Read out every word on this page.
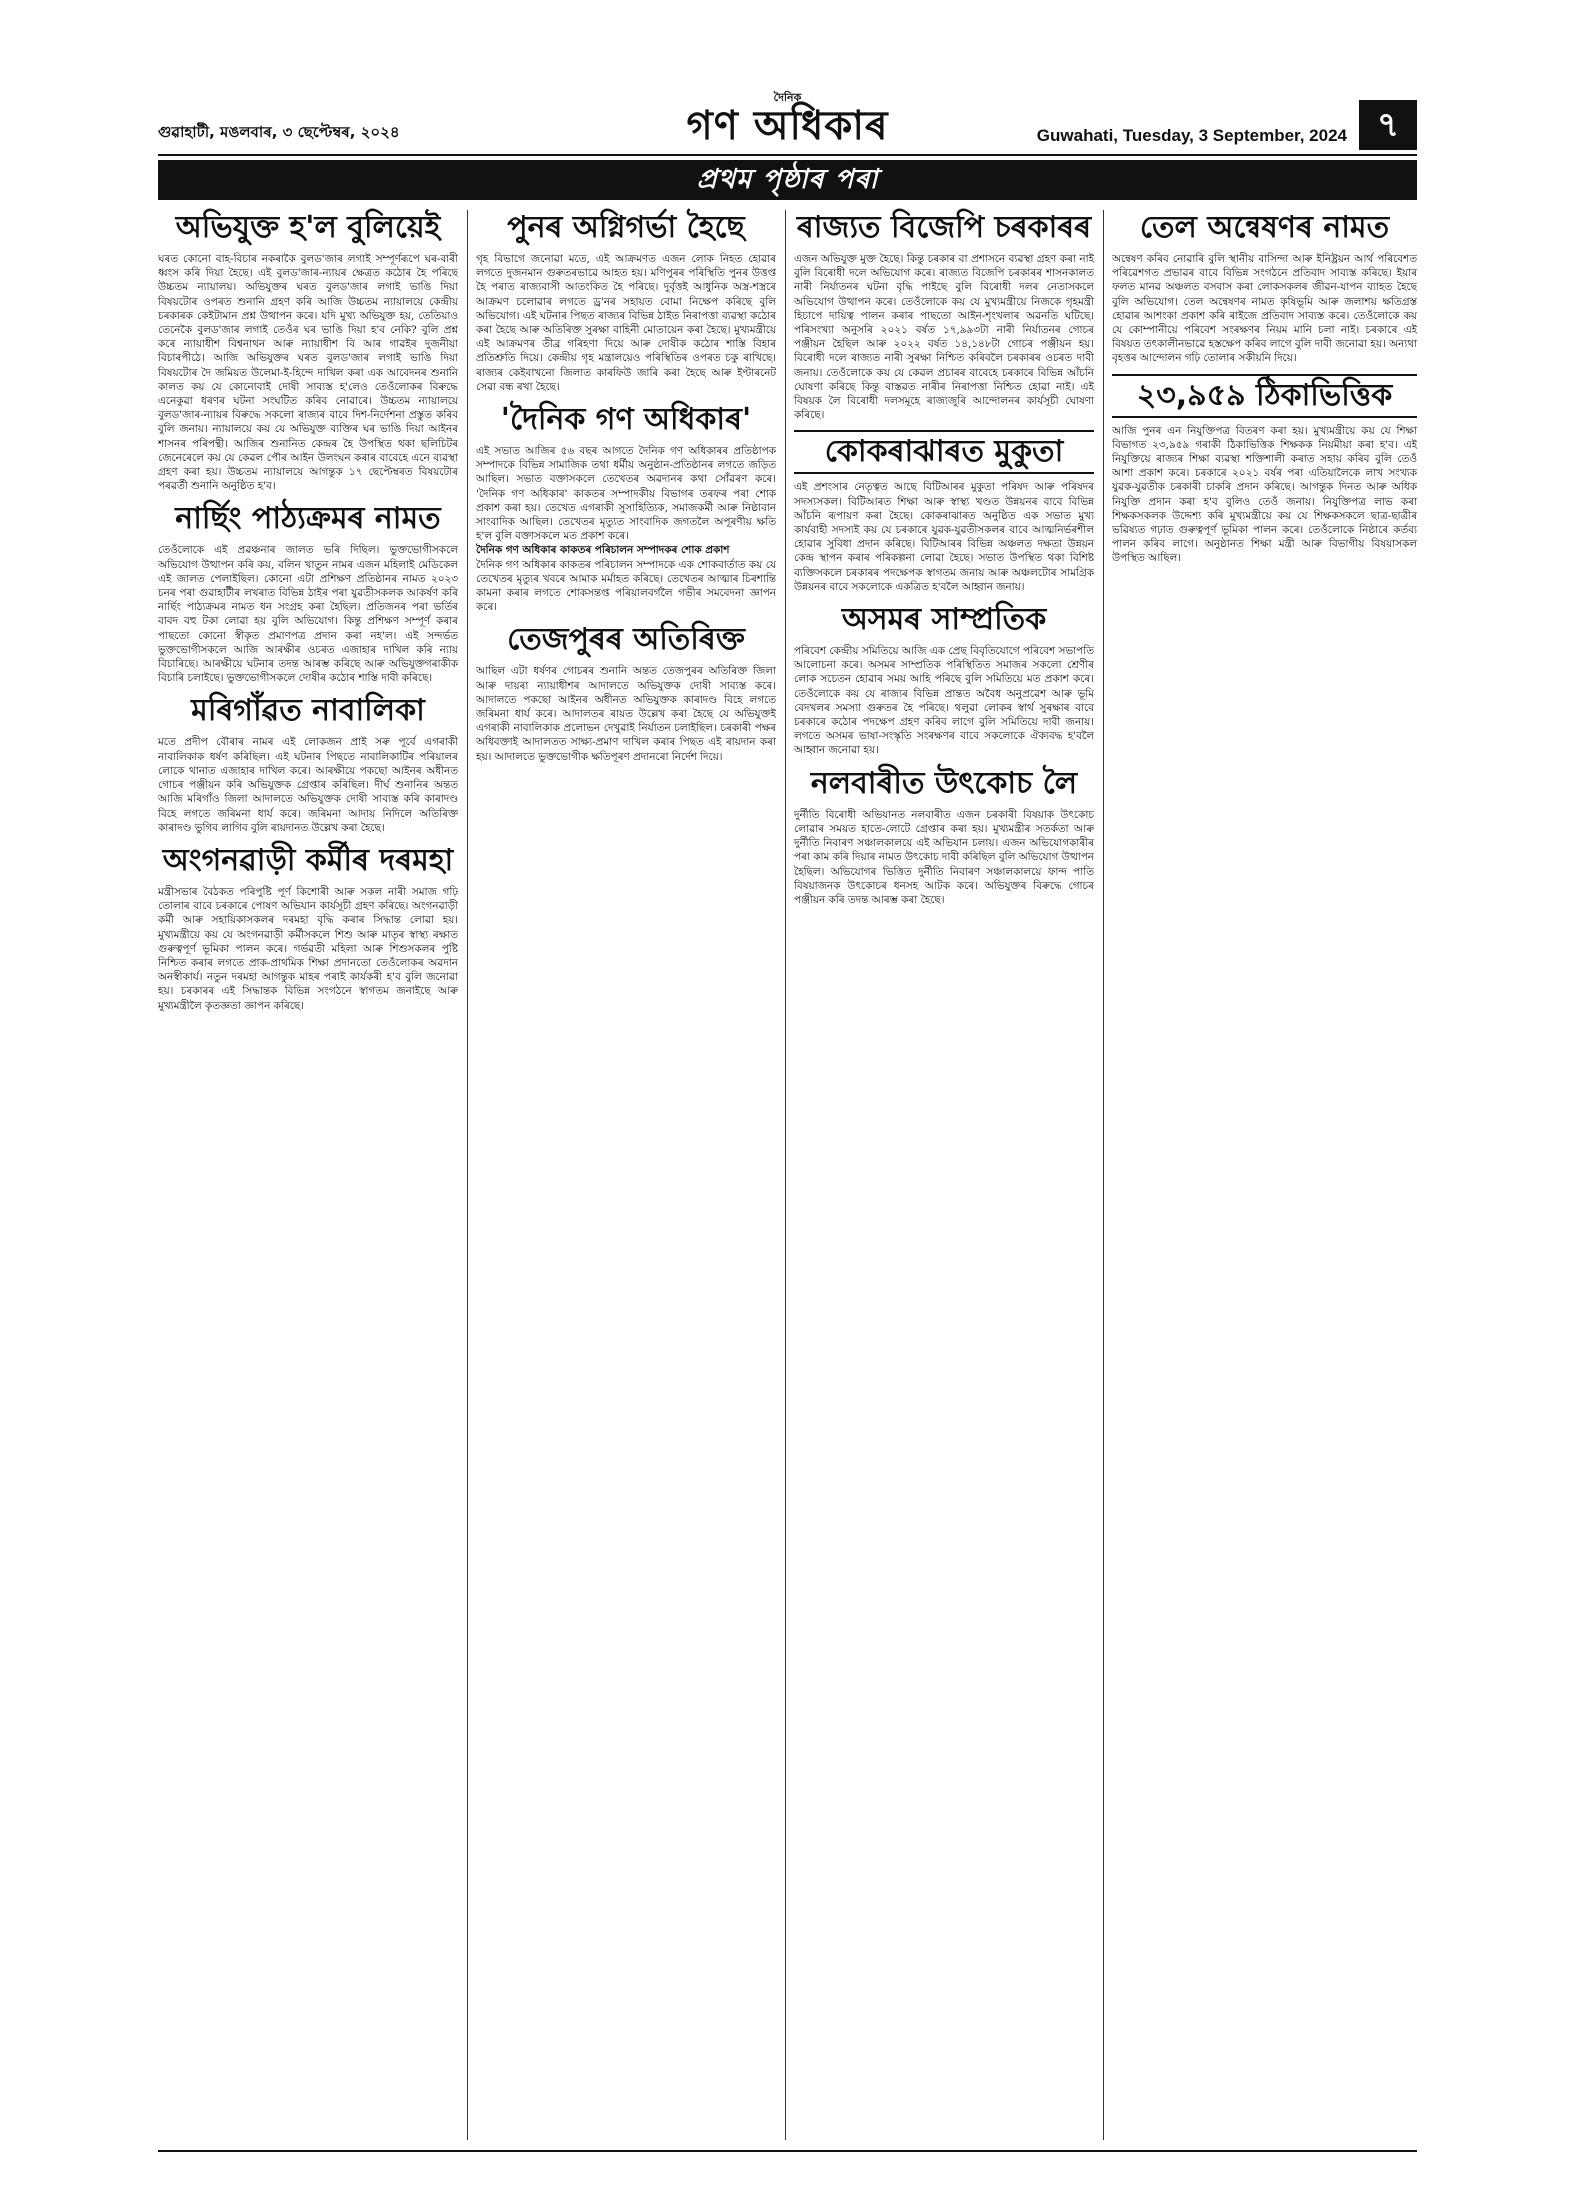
গুৱাহাটী, মঙলবাৰ, ৩ ছেপ্টেম্বৰ, ২০২৪
দৈনিক
গণ অধিকাৰ	Guwahati, Tuesday, 3 September, 2024 ৭
প্ৰথম পৃষ্ঠাৰ পৰা
অভিযুক্ত হ'ল বুলিয়েই

ঘৰত কোনো বাহ-বিচাৰ নকৰাকৈ বুলড'জাৰ লগাই সম্পূৰ্ণৰূপে ঘৰ-বাৰী ধ্বংস কৰি দিয়া হৈছে। এই বুলড'জাৰ-ন্যায়ৰ ক্ষেত্ৰত কঠোৰ হৈ পৰিছে উচ্চতম ন্যায়ালয়। অভিযুক্তৰ ঘৰত বুলড'জাৰ লগাই ভাঙি দিয়া বিষয়টোৰ ওপৰত শুনানি গ্ৰহণ কৰি আজি উচ্চতম ন্যায়ালয়ে কেন্দ্ৰীয় চৰকাৰক কেইটামান প্ৰশ্ন উত্থাপন কৰে। যদি মুখ্য অভিযুক্ত হয়, তেতিয়াও তেনেকৈ বুলড'জাৰ লগাই তেওঁৰ ঘৰ ভাঙি দিয়া হ'ব নেকি? বুলি প্ৰশ্ন কৰে ন্যায়াধীশ বিশ্বনাথন আৰু ন্যায়াধীশ বি আৰ গাৱইৰ দুজনীয়া বিচাৰপীঠে। আজি অভিযুক্তৰ ঘৰত বুলড'জাৰ লগাই ভাঙি দিয়া বিষয়টোৰ দৈ জমিয়ত উলেমা-ই-হিন্দে দাখিল কৰা এক আবেদনৰ শুনানি কালত কয় যে কোনোবাই দোষী সাব্যস্ত হ'লেও তেওঁলোকৰ বিৰুদ্ধে এনেকুৱা ধৰণৰ ঘটনা সংঘটিত কৰিব নোৱাৰে। উচ্চতম ন্যায়ালয়ে বুলড'জাৰ-ন্যায়ৰ বিৰুদ্ধে সকলো ৰাজ্যৰ বাবে দিশ-নিৰ্দেশনা প্ৰস্তুত কৰিব বুলি জনায়। ন্যায়ালয়ে কয় যে অভিযুক্ত ব্যক্তিৰ ঘৰ ভাঙি দিয়া আইনৰ শাসনৰ পৰিপন্থী। আজিৰ শুনানিত কেন্দ্ৰৰ হৈ উপস্থিত থকা ছলিচিটৰ জেনেৰেলে কয় যে কেৱল পৌৰ আইন উলংঘন কৰাৰ বাবেহে এনে ব্যৱস্থা গ্ৰহণ কৰা হয়। উচ্চতম ন্যায়ালয়ে আগন্তুক ১৭ ছেপ্টেম্বৰত বিষয়টোৰ পৰৱৰ্তী শুনানি অনুষ্ঠিত হ'ব।

নাৰ্ছিং পাঠ্যক্ৰমৰ নামত

তেওঁলোকে এই প্ৰৱঞ্চনাৰ জালত ভৰি দিছিল। ভুক্তভোগীসকলে অভিযোগ উত্থাপন কৰি কয়, বলিন খাতুন নামৰ এজন মহিলাই মেডিকেল এই জালত পেলাইছিল। কোনো এটা প্ৰশিক্ষণ প্ৰতিষ্ঠানৰ নামত ২০২৩ চনৰ পৰা গুৱাহাটীৰ লখৰাত বিভিন্ন ঠাইৰ পৰা যুৱতীসকলক আকৰ্ষণ কৰি নাৰ্ছিং পাঠ্যক্ৰমৰ নামত ধন সংগ্ৰহ কৰা হৈছিল। প্ৰতিজনৰ পৰা ভৰ্তিৰ বাবদ বহু টকা লোৱা হয় বুলি অভিযোগ। কিন্তু প্ৰশিক্ষণ সম্পূৰ্ণ কৰাৰ পাছতো কোনো স্বীকৃত প্ৰমাণপত্ৰ প্ৰদান কৰা নহ'ল। এই সন্দৰ্ভত ভুক্তভোগীসকলে আজি আৰক্ষীৰ ওচৰত এজাহাৰ দাখিল কৰি ন্যায় বিচাৰিছে। আৰক্ষীয়ে ঘটনাৰ তদন্ত আৰম্ভ কৰিছে আৰু অভিযুক্তগৰাকীক বিচাৰি চলাইছে। ভুক্তভোগীসকলে দোষীৰ কঠোৰ শাস্তি দাবী কৰিছে।

মৰিগাঁৱত নাবালিকা

মতে প্ৰদীপ বৌৰাৰ নামৰ এই লোকজন প্ৰাই সৰু পূৰ্বে এগৰাকী নাবালিকাক ধৰ্ষণ কৰিছিল। এই ঘটনাৰ পিছতে নাবালিকাটিৰ পৰিয়ালৰ লোকে থানাত এজাহাৰ দাখিল কৰে। আৰক্ষীয়ে পকছো আইনৰ অধীনত গোচৰ পঞ্জীয়ন কৰি অভিযুক্তক গ্ৰেপ্তাৰ কৰিছিল। দীৰ্ঘ শুনানিৰ অন্তত আজি মৰিগাঁও জিলা আদালতে অভিযুক্তক দোষী সাব্যস্ত কৰি কাৰাদণ্ড বিহে লগতে জৰিমনা ধাৰ্য কৰে। জৰিমনা আদায় নিদিলে অতিৰিক্ত কাৰাদণ্ড ভুগিব লাগিব বুলি ৰায়দানত উল্লেখ কৰা হৈছে।

অংগনৱাড়ী কৰ্মীৰ দৰমহা

মন্ত্ৰীসভাৰ বৈঠকত পৰিপুষ্টি পূৰ্ণ কিশোৰী আৰু সকল নাৰী সমাজ গঢ়ি তোলাৰ বাবে চৰকাৰে পোষণ অভিযান কাৰ্যসূচী গ্ৰহণ কৰিছে। অংগনৱাড়ী কৰ্মী আৰু সহায়িকাসকলৰ দৰমহা বৃদ্ধি কৰাৰ সিদ্ধান্ত লোৱা হয়। মুখ্যমন্ত্ৰীয়ে কয় যে অংগনৱাড়ী কৰ্মীসকলে শিশু আৰু মাতৃৰ স্বাস্থ্য ৰক্ষাত গুৰুত্বপূৰ্ণ ভূমিকা পালন কৰে। গৰ্ভৱতী মহিলা আৰু শিশুসকলৰ পুষ্টি নিশ্চিত কৰাৰ লগতে প্ৰাক-প্ৰাথমিক শিক্ষা প্ৰদানতো তেওঁলোকৰ অৱদান অনস্বীকাৰ্য। নতুন দৰমহা আগন্তুক মাহৰ পৰাই কাৰ্যকৰী হ'ব বুলি জনোৱা হয়। চৰকাৰৰ এই সিদ্ধান্তক বিভিন্ন সংগঠনে স্বাগতম জনাইছে আৰু মুখ্যমন্ত্ৰীলৈ কৃতজ্ঞতা জ্ঞাপন কৰিছে।

পুনৰ অগ্নিগৰ্ভা হৈছে

গৃহ বিভাগে জনোৱা মতে, এই আক্ৰমণত এজন লোক নিহত হোৱাৰ লগতে দুজনমান গুৰুতৰভাৱে আহত হয়। মণিপুৰৰ পৰিস্থিতি পুনৰ উত্তপ্ত হৈ পৰাত ৰাজ্যবাসী আতংকিত হৈ পৰিছে। দুৰ্বৃত্তই আধুনিক অস্ত্ৰ-শস্ত্ৰৰে আক্ৰমণ চলোৱাৰ লগতে ড্ৰ'নৰ সহায়ত বোমা নিক্ষেপ কৰিছে বুলি অভিযোগ। এই ঘটনাৰ পিছত ৰাজ্যৰ বিভিন্ন ঠাইত নিৰাপত্তা ব্যৱস্থা কঠোৰ কৰা হৈছে আৰু অতিৰিক্ত সুৰক্ষা বাহিনী মোতায়েন কৰা হৈছে। মুখ্যমন্ত্ৰীয়ে এই আক্ৰমণৰ তীব্ৰ গৰিহণা দিয়ে আৰু দোষীক কঠোৰ শাস্তি বিহাৰ প্ৰতিশ্ৰুতি দিয়ে। কেন্দ্ৰীয় গৃহ মন্ত্ৰালয়েও পৰিস্থিতিৰ ওপৰত চকু ৰাখিছে। ৰাজ্যৰ কেইবাখনো জিলাত কাৰফিউ জাৰি কৰা হৈছে আৰু ইণ্টাৰনেট সেৱা বন্ধ ৰখা হৈছে।

'দৈনিক গণ অধিকাৰ'

এই সভাত আজিৰ ৫৬ বছৰ আগতে দৈনিক গণ অধিকাৰৰ প্ৰতিষ্ঠাপক সম্পাদকে বিভিন্ন সামাজিক তথা ধৰ্মীয় অনুষ্ঠান-প্ৰতিষ্ঠানৰ লগতে জড়িত আছিল। সভাত বক্তাসকলে তেখেতৰ অৱদানৰ কথা সোঁৱৰণ কৰে। 'দৈনিক গণ অধিকাৰ' কাকতৰ সম্পাদকীয় বিভাগৰ তৰফৰ পৰা শোক প্ৰকাশ কৰা হয়। তেখেত এগৰাকী সুসাহিত্যিক, সমাজকৰ্মী আৰু নিষ্ঠাবান সাংবাদিক আছিল। তেখেতৰ মৃত্যুত সাংবাদিক জগতলৈ অপূৰণীয় ক্ষতি হ'ল বুলি বক্তাসকলে মত প্ৰকাশ কৰে।

দৈনিক গণ অধিকাৰ কাকতৰ পৰিচালন সম্পাদকৰ শোক প্ৰকাশ

দৈনিক গণ অধিকাৰ কাকতৰ পৰিচালন সম্পাদকে এক শোকবাৰ্তাত কয় যে তেখেতৰ মৃত্যুৰ খবৰে আমাক মৰ্মাহত কৰিছে। তেখেতৰ আত্মাৰ চিৰশান্তি কামনা কৰাৰ লগতে শোকসন্তপ্ত পৰিয়ালবৰ্গলৈ গভীৰ সমবেদনা জ্ঞাপন কৰে।

তেজপুৰৰ অতিৰিক্ত

আছিল এটা ধৰ্ষণৰ গোচৰৰ শুনানি অন্তত তেজপুৰৰ অতিৰিক্ত জিলা আৰু দায়ৰা ন্যায়াধীশৰ আদালতে অভিযুক্তক দোষী সাব্যস্ত কৰে। আদালতে পকছো আইনৰ অধীনত অভিযুক্তক কাৰাদণ্ড বিহে লগতে জৰিমনা ধাৰ্য কৰে। আদালতৰ ৰায়ত উল্লেখ কৰা হৈছে যে অভিযুক্তই এগৰাকী নাবালিকাক প্ৰলোভন দেখুৱাই নিৰ্যাতন চলাইছিল। চৰকাৰী পক্ষৰ অধিবক্তাই আদালতত সাক্ষ্য-প্ৰমাণ দাখিল কৰাৰ পিছত এই ৰায়দান কৰা হয়। আদালতে ভুক্তভোগীক ক্ষতিপূৰণ প্ৰদানৰো নিৰ্দেশ দিয়ে।

ৰাজ্যত বিজেপি চৰকাৰৰ

এজন অভিযুক্ত মুক্ত হৈছে। কিন্তু চৰকাৰ বা প্ৰশাসনে ব্যৱস্থা গ্ৰহণ কৰা নাই বুলি বিৰোধী দলে অভিযোগ কৰে। ৰাজ্যত বিজেপি চৰকাৰৰ শাসনকালত নাৰী নিৰ্যাতনৰ ঘটনা বৃদ্ধি পাইছে বুলি বিৰোধী দলৰ নেতাসকলে অভিযোগ উত্থাপন কৰে। তেওঁলোকে কয় যে মুখ্যমন্ত্ৰীয়ে নিজকে গৃহমন্ত্ৰী হিচাপে দায়িত্ব পালন কৰাৰ পাছতো আইন-শৃংখলাৰ অৱনতি ঘটিছে। পৰিসংখ্যা অনুসৰি ২০২১ বৰ্ষত ১৭,৯৯৩টা নাৰী নিৰ্যাতনৰ গোচৰ পঞ্জীয়ন হৈছিল আৰু ২০২২ বৰ্ষত ১৪,১৪৮টা গোচৰ পঞ্জীয়ন হয়। বিৰোধী দলে ৰাজ্যত নাৰী সুৰক্ষা নিশ্চিত কৰিবলৈ চৰকাৰৰ ওচৰত দাবী জনায়। তেওঁলোকে কয় যে কেৱল প্ৰচাৰৰ বাবেহে চৰকাৰে বিভিন্ন আঁচনি ঘোষণা কৰিছে কিন্তু বাস্তৱত নাৰীৰ নিৰাপত্তা নিশ্চিত হোৱা নাই। এই বিষয়ক লৈ বিৰোধী দলসমূহে ৰাজ্যজুৰি আন্দোলনৰ কাৰ্যসূচী ঘোষণা কৰিছে।

কোকৰাঝাৰত মুকুতা

এই প্ৰশংসাৰ নেতৃত্বত আছে বিটিআৰৰ মুকুতা পৰিষদ আৰু পৰিষদৰ সদস্যসকল। বিটিআৰত শিক্ষা আৰু স্বাস্থ্য খণ্ডত উন্নয়নৰ বাবে বিভিন্ন আঁচনি ৰূপায়ণ কৰা হৈছে। কোকৰাঝাৰত অনুষ্ঠিত এক সভাত মুখ্য কাৰ্যবাহী সদস্যই কয় যে চৰকাৰে যুৱক-যুৱতীসকলৰ বাবে আত্মনিৰ্ভৰশীল হোৱাৰ সুবিধা প্ৰদান কৰিছে। বিটিআৰৰ বিভিন্ন অঞ্চলত দক্ষতা উন্নয়ন কেন্দ্ৰ স্থাপন কৰাৰ পৰিকল্পনা লোৱা হৈছে। সভাত উপস্থিত থকা বিশিষ্ট ব্যক্তিসকলে চৰকাৰৰ পদক্ষেপক স্বাগতম জনায় আৰু অঞ্চলটোৰ সামগ্ৰিক উন্নয়নৰ বাবে সকলোকে একত্ৰিত হ'বলৈ আহ্বান জনায়।

অসমৰ সাম্প্ৰতিক

পৰিবেশ কেন্দ্ৰীয় সমিতিয়ে আজি এক প্ৰেছ বিবৃতিযোগে পৰিবেশ সভাপতি আলোচনা কৰে। অসমৰ সাম্প্ৰতিক পৰিস্থিতিত সমাজৰ সকলো শ্ৰেণীৰ লোক সচেতন হোৱাৰ সময় আহি পৰিছে বুলি সমিতিয়ে মত প্ৰকাশ কৰে। তেওঁলোকে কয় যে ৰাজ্যৰ বিভিন্ন প্ৰান্তত অবৈধ অনুপ্ৰৱেশ আৰু ভূমি বেদখলৰ সমস্যা গুৰুতৰ হৈ পৰিছে। থলুৱা লোকৰ স্বাৰ্থ সুৰক্ষাৰ বাবে চৰকাৰে কঠোৰ পদক্ষেপ গ্ৰহণ কৰিব লাগে বুলি সমিতিয়ে দাবী জনায়। লগতে অসমৰ ভাষা-সংস্কৃতি সংৰক্ষণৰ বাবে সকলোকে ঐক্যবদ্ধ হ'বলৈ আহ্বান জনোৱা হয়।

নলবাৰীত উৎকোচ লৈ

দুৰ্নীতি বিৰোধী অভিযানত নলবাৰীত এজন চৰকাৰী বিষয়াক উৎকোচ লোৱাৰ সময়ত হাতে-লোটে গ্ৰেপ্তাৰ কৰা হয়। মুখ্যমন্ত্ৰীৰ সতৰ্কতা আৰু দুৰ্নীতি নিবাৰণ সঞ্চালকালয়ে এই অভিযান চলায়। এজন অভিযোগকাৰীৰ পৰা কাম কৰি দিয়াৰ নামত উৎকোচ দাবী কৰিছিল বুলি অভিযোগ উত্থাপন হৈছিল। অভিযোগৰ ভিত্তিত দুৰ্নীতি নিবাৰণ সঞ্চালকালয়ে ফান্দ পাতি বিষয়াজনক উৎকোচৰ ধনসহ আটক কৰে। অভিযুক্তৰ বিৰুদ্ধে গোচৰ পঞ্জীয়ন কৰি তদন্ত আৰম্ভ কৰা হৈছে।

তেল অন্বেষণৰ নামত

অন্বেষণ কৰিব নোৱাৰি বুলি স্থানীয় বাসিন্দা আৰু ইনিষ্ট্ৰয়ন আৰ্থ পৰিবেশত পৰিৱেশগত প্ৰভাৱৰ বাবে বিভিন্ন সংগঠনে প্ৰতিবাদ সাব্যস্ত কৰিছে। ইয়াৰ ফলত মানৱ অঞ্চলত বসবাস কৰা লোকসকলৰ জীৱন-যাপন ব্যাহত হৈছে বুলি অভিযোগ। তেল অন্বেষণৰ নামত কৃষিভূমি আৰু জলাশয় ক্ষতিগ্ৰস্ত হোৱাৰ আশংকা প্ৰকাশ কৰি ৰাইজে প্ৰতিবাদ সাব্যস্ত কৰে। তেওঁলোকে কয় যে কোম্পানীয়ে পৰিবেশ সংৰক্ষণৰ নিয়ম মানি চলা নাই। চৰকাৰে এই বিষয়ত তৎকালীনভাৱে হস্তক্ষেপ কৰিব লাগে বুলি দাবী জনোৱা হয়। অন্যথা বৃহত্তৰ আন্দোলন গঢ়ি তোলাৰ সকীয়নি দিয়ে।

২৩,৯৫৯ ঠিকাভিত্তিক

আজি পুনৰ এন নিযুক্তিপত্ৰ বিতৰণ কৰা হয়। মুখ্যমন্ত্ৰীয়ে কয় যে শিক্ষা বিভাগত ২৩,৯৫৯ গৰাকী ঠিকাভিত্তিক শিক্ষকক নিয়মীয়া কৰা হ'ব। এই নিযুক্তিয়ে ৰাজ্যৰ শিক্ষা ব্যৱস্থা শক্তিশালী কৰাত সহায় কৰিব বুলি তেওঁ আশা প্ৰকাশ কৰে। চৰকাৰে ২০২১ বৰ্ষৰ পৰা এতিয়ালৈকে লাখ সংখ্যক যুৱক-যুৱতীক চৰকাৰী চাকৰি প্ৰদান কৰিছে। আগন্তুক দিনত আৰু অধিক নিযুক্তি প্ৰদান কৰা হ'ব বুলিও তেওঁ জনায়। নিযুক্তিপত্ৰ লাভ কৰা শিক্ষকসকলক উদ্দেশ্য কৰি মুখ্যমন্ত্ৰীয়ে কয় যে শিক্ষকসকলে ছাত্ৰ-ছাত্ৰীৰ ভৱিষ্যত গঢ়াত গুৰুত্বপূৰ্ণ ভূমিকা পালন কৰে। তেওঁলোকে নিষ্ঠাৰে কৰ্তব্য পালন কৰিব লাগে। অনুষ্ঠানত শিক্ষা মন্ত্ৰী আৰু বিভাগীয় বিষয়াসকল উপস্থিত আছিল।
